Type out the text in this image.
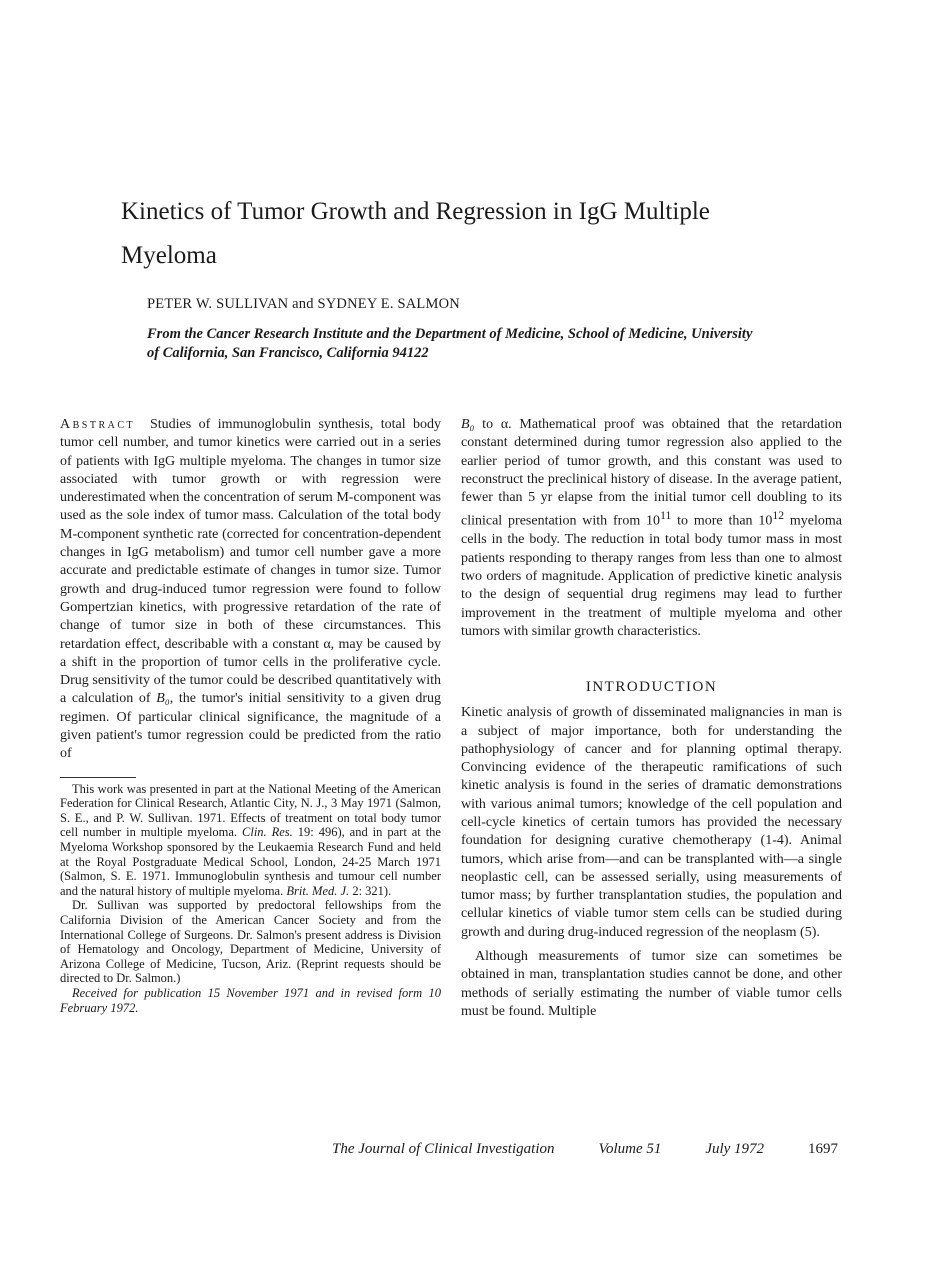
Kinetics of Tumor Growth and Regression in IgG Multiple Myeloma
PETER W. SULLIVAN and SYDNEY E. SALMON
From the Cancer Research Institute and the Department of Medicine, School of Medicine, University of California, San Francisco, California 94122

Abstract Studies of immunoglobulin synthesis, total body tumor cell number, and tumor kinetics were carried out in a series of patients with IgG multiple myeloma. The changes in tumor size associated with tumor growth or with regression were underestimated when the concentration of serum M-component was used as the sole index of tumor mass. Calculation of the total body M-component synthetic rate (corrected for concentration-dependent changes in IgG metabolism) and tumor cell number gave a more accurate and predictable estimate of changes in tumor size. Tumor growth and drug-induced tumor regression were found to follow Gompertzian kinetics, with progressive retardation of the rate of change of tumor size in both of these circumstances. This retardation effect, describable with a constant α, may be caused by a shift in the proportion of tumor cells in the proliferative cycle. Drug sensitivity of the tumor could be described quantitatively with a calculation of B₀, the tumor's initial sensitivity to a given drug regimen. Of particular clinical significance, the magnitude of a given patient's tumor regression could be predicted from the ratio of

This work was presented in part at the National Meeting of the American Federation for Clinical Research, Atlantic City, N. J., 3 May 1971 (Salmon, S. E., and P. W. Sullivan. 1971. Effects of treatment on total body tumor cell number in multiple myeloma. Clin. Res. 19: 496), and in part at the Myeloma Workshop sponsored by the Leukaemia Research Fund and held at the Royal Postgraduate Medical School, London, 24-25 March 1971 (Salmon, S. E. 1971. Immunoglobulin synthesis and tumour cell number and the natural history of multiple myeloma. Brit. Med. J. 2: 321).

Dr. Sullivan was supported by predoctoral fellowships from the California Division of the American Cancer Society and from the International College of Surgeons. Dr. Salmon's present address is Division of Hematology and Oncology, Department of Medicine, University of Arizona College of Medicine, Tucson, Ariz. (Reprint requests should be directed to Dr. Salmon.)

Received for publication 15 November 1971 and in revised form 10 February 1972.

B₀ to α. Mathematical proof was obtained that the retardation constant determined during tumor regression also applied to the earlier period of tumor growth, and this constant was used to reconstruct the preclinical history of disease. In the average patient, fewer than 5 yr elapse from the initial tumor cell doubling to its clinical presentation with from $10^{11}$ to more than $10^{12}$ myeloma cells in the body. The reduction in total body tumor mass in most patients responding to therapy ranges from less than one to almost two orders of magnitude. Application of predictive kinetic analysis to the design of sequential drug regimens may lead to further improvement in the treatment of multiple myeloma and other tumors with similar growth characteristics.

INTRODUCTION

Kinetic analysis of growth of disseminated malignancies in man is a subject of major importance, both for understanding the pathophysiology of cancer and for planning optimal therapy. Convincing evidence of the therapeutic ramifications of such kinetic analysis is found in the series of dramatic demonstrations with various animal tumors; knowledge of the cell population and cell-cycle kinetics of certain tumors has provided the necessary foundation for designing curative chemotherapy (1-4). Animal tumors, which arise from—and can be transplanted with—a single neoplastic cell, can be assessed serially, using measurements of tumor mass; by further transplantation studies, the population and cellular kinetics of viable tumor stem cells can be studied during growth and during drug-induced regression of the neoplasm (5).

Although measurements of tumor size can sometimes be obtained in man, transplantation studies cannot be done, and other methods of serially estimating the number of viable tumor cells must be found. Multiple

The Journal of Clinical Investigation	Volume 51	July 1972	1697
